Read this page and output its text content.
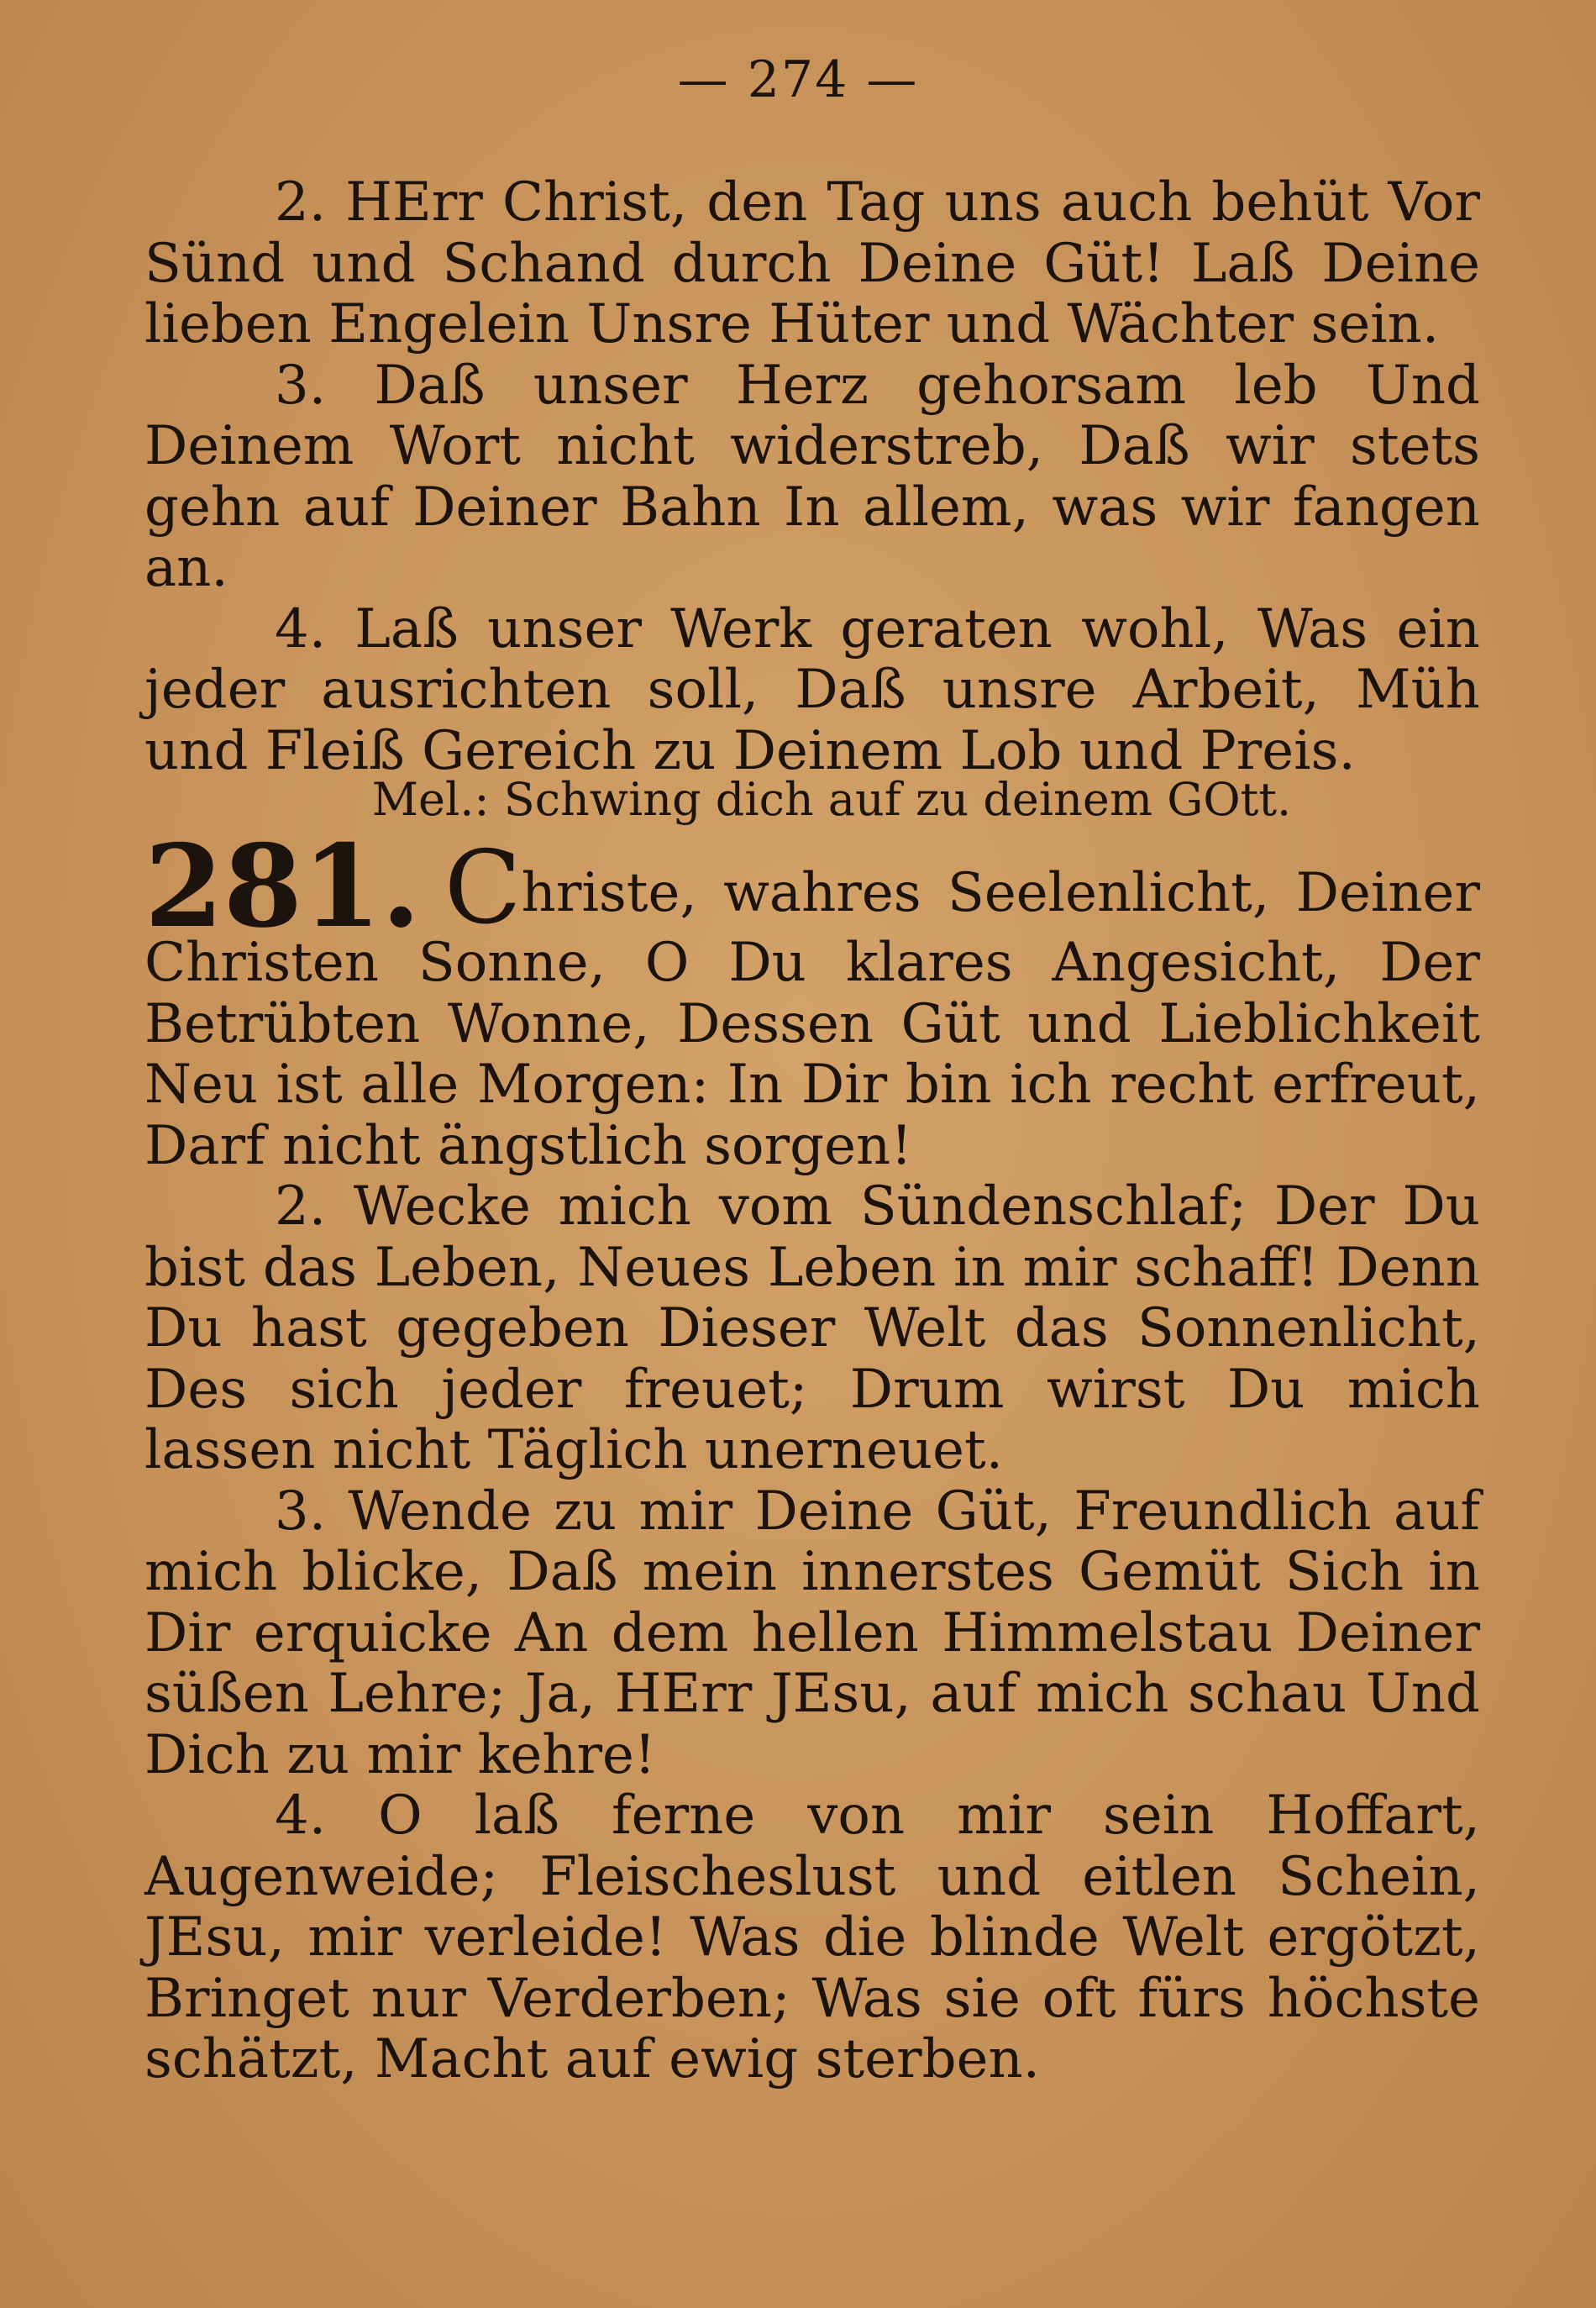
— 274 —

2. HErr Christ, den Tag uns auch behüt Vor Sünd und Schand durch Deine Güt! Laß Deine lieben Engelein Unsre Hüter und Wächter sein.

3. Daß unser Herz gehorsam leb Und Deinem Wort nicht widerstreb, Daß wir stets gehn auf Deiner Bahn In allem, was wir fangen an.

4. Laß unser Werk geraten wohl, Was ein jeder ausrichten soll, Daß unsre Arbeit, Müh und Fleiß Gereich zu Deinem Lob und Preis.

Mel.: Schwing dich auf zu deinem GOtt.

281. Christe, wahres Seelenlicht, Deiner Christen Sonne, O Du klares Angesicht, Der Betrübten Wonne, Dessen Güt und Lieblichkeit Neu ist alle Morgen: In Dir bin ich recht erfreut, Darf nicht ängstlich sorgen!

2. Wecke mich vom Sündenschlaf; Der Du bist das Leben, Neues Leben in mir schaff! Denn Du hast gegeben Dieser Welt das Sonnenlicht, Des sich jeder freuet; Drum wirst Du mich lassen nicht Täglich unerneuet.

3. Wende zu mir Deine Güt, Freundlich auf mich blicke, Daß mein innerstes Gemüt Sich in Dir erquicke An dem hellen Himmelstau Deiner süßen Lehre; Ja, HErr JEsu, auf mich schau Und Dich zu mir kehre!

4. O laß ferne von mir sein Hoffart, Augenweide; Fleischeslust und eitlen Schein, JEsu, mir verleide! Was die blinde Welt ergötzt, Bringet nur Verderben; Was sie oft fürs höchste schätzt, Macht auf ewig sterben.
